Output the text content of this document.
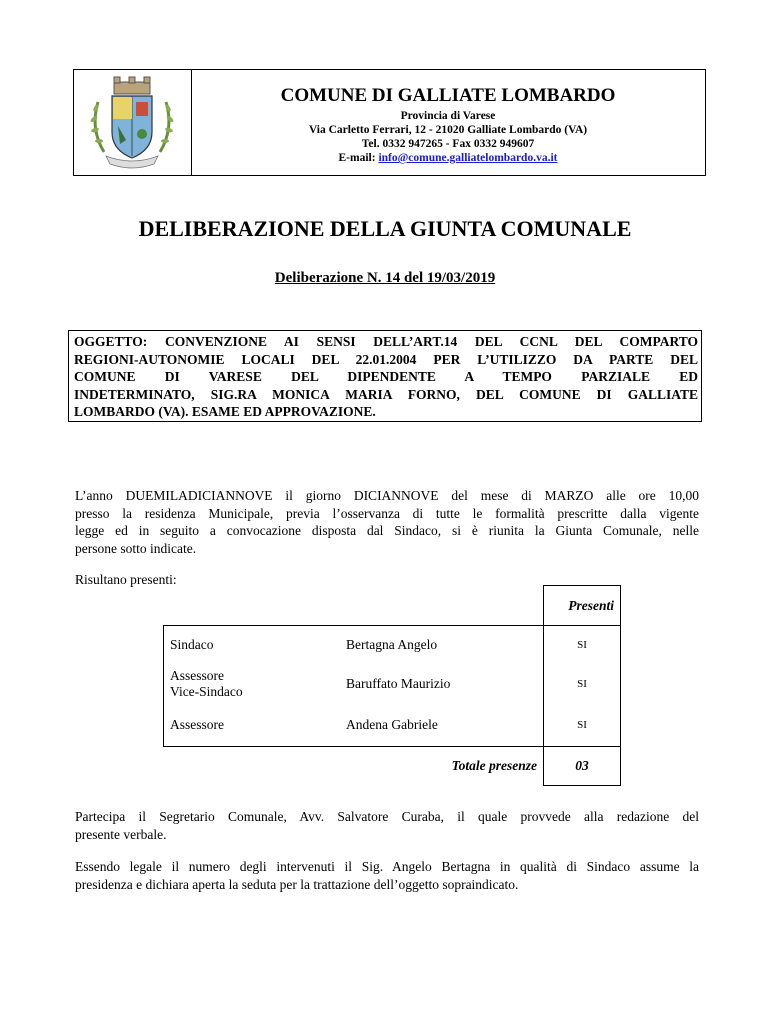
COMUNE DI GALLIATE LOMBARDO
Provincia di Varese
Via Carletto Ferrari, 12 - 21020 Galliate Lombardo (VA)
Tel. 0332 947265 - Fax 0332 949607
E-mail: info@comune.galliatelombardo.va.it
DELIBERAZIONE DELLA GIUNTA COMUNALE
Deliberazione N. 14 del 19/03/2019
OGGETTO: CONVENZIONE AI SENSI DELL’ART.14 DEL CCNL DEL COMPARTO
REGIONI-AUTONOMIE LOCALI DEL 22.01.2004 PER L’UTILIZZO DA PARTE DEL
COMUNE DI VARESE DEL DIPENDENTE A TEMPO PARZIALE ED
INDETERMINATO, SIG.RA MONICA MARIA FORNO, DEL COMUNE DI GALLIATE
LOMBARDO (VA). ESAME ED APPROVAZIONE.
L’anno DUEMILADICIANNOVE il giorno DICIANNOVE del mese di MARZO alle ore 10,00
presso la residenza Municipale, previa l’osservanza di tutte le formalità prescritte dalla vigente
legge ed in seguito a convocazione disposta dal Sindaco, si è riunita la Giunta Comunale, nelle
persone sotto indicate.
Risultano presenti:
		Presenti
Sindaco	Bertagna Angelo	SI

Assessore
Vice-Sindaco	Baruffato Maurizio	SI
Assessore	Andena Gabriele	SI
	Totale presenze	03
Partecipa il Segretario Comunale, Avv. Salvatore Curaba, il quale provvede alla redazione del
presente verbale.
Essendo legale il numero degli intervenuti il Sig. Angelo Bertagna in qualità di Sindaco assume la
presidenza e dichiara aperta la seduta per la trattazione dell’oggetto sopraindicato.
